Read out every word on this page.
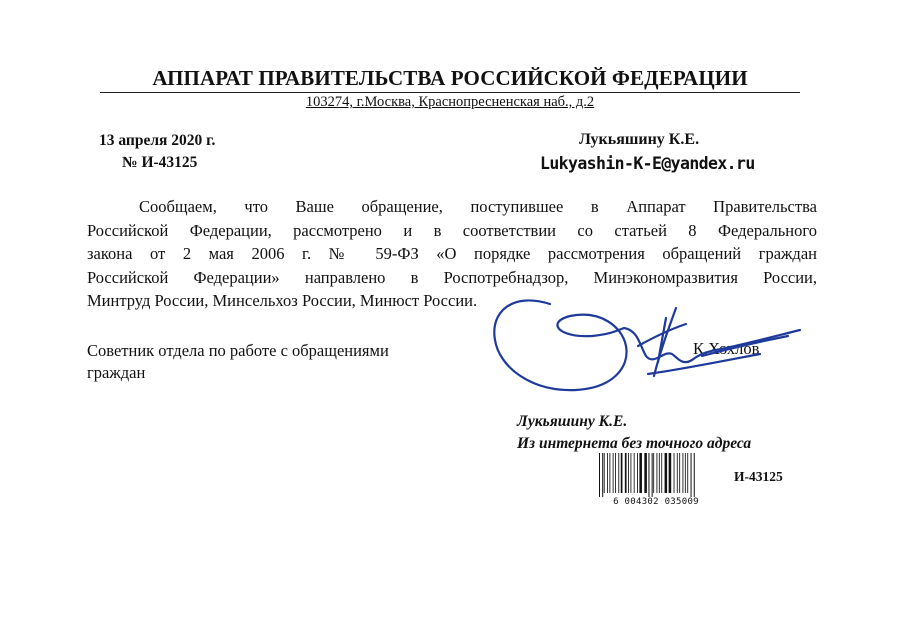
АППАРАТ ПРАВИТЕЛЬСТВА РОССИЙСКОЙ ФЕДЕРАЦИИ
103274, г.Москва, Краснопресненская наб., д.2
13 апреля 2020 г.
№ И-43125
Лукьяшину К.Е.
Lukyashin-K-E@yandex.ru
Сообщаем, что Ваше обращение, поступившее в Аппарат Правительства
Российской Федерации, рассмотрено и в соответствии со статьей 8 Федерального
закона от 2 мая 2006 г. № 59-ФЗ «О порядке рассмотрения обращений граждан
Российской Федерации» направлено в Роспотребнадзор, Минэкономразвития России,
Минтруд России, Минсельхоз России, Минюст России.
Советник отдела по работе с обращениями
граждан
К.Хохлов
Лукьяшину К.Е.
Из интернета без точного адреса
6 004302 035009
И-43125
